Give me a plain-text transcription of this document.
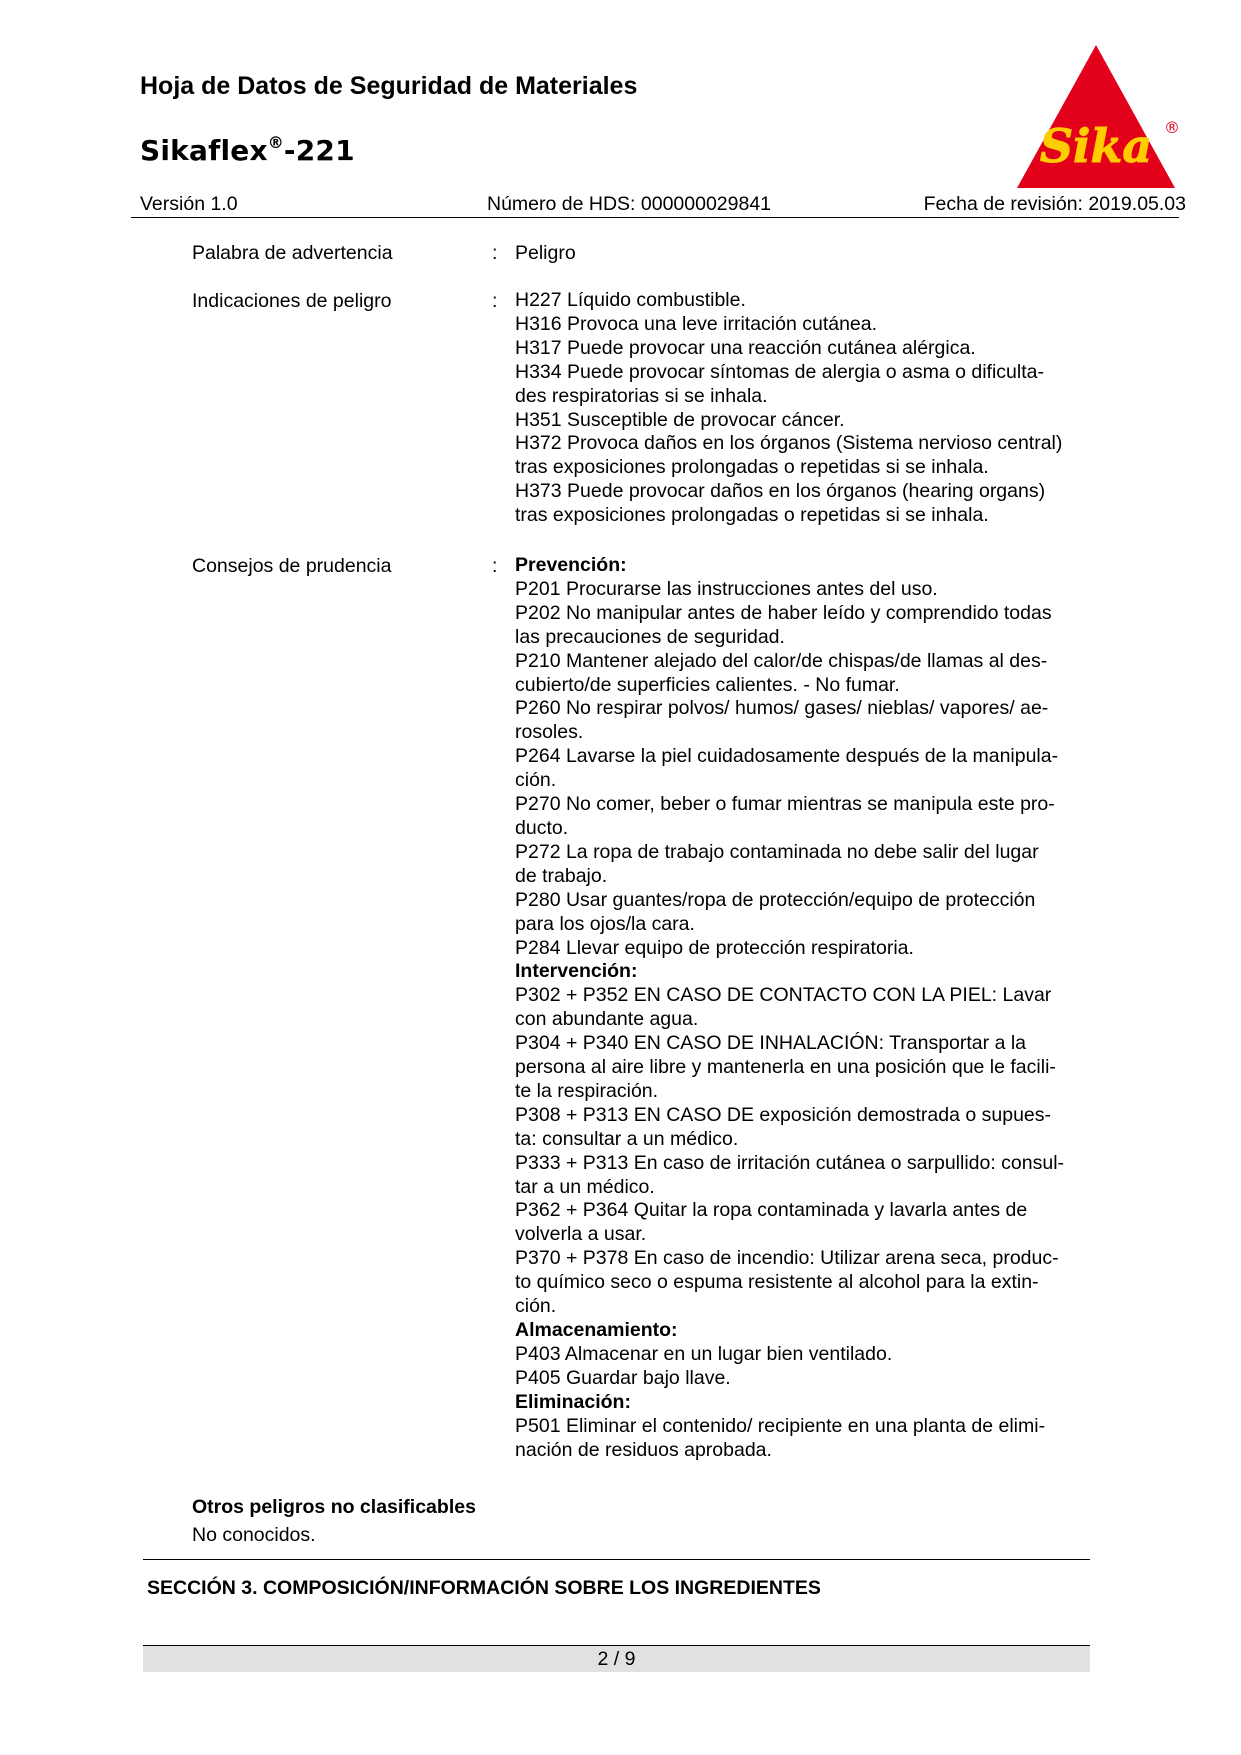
Hoja de Datos de Seguridad de Materiales
Sikaflex®-221	Sika ®
Versión 1.0	Número de HDS: 000000029841	Fecha de revisión: 2019.05.03
Palabra de advertencia	: Peligro
Indicaciones de peligro	: H227 Líquido combustible.
H316 Provoca una leve irritación cutánea.
H317 Puede provocar una reacción cutánea alérgica.
H334 Puede provocar síntomas de alergia o asma o dificulta-
des respiratorias si se inhala.
H351 Susceptible de provocar cáncer.
H372 Provoca daños en los órganos (Sistema nervioso central)
tras exposiciones prolongadas o repetidas si se inhala.
H373 Puede provocar daños en los órganos (hearing organs)
tras exposiciones prolongadas o repetidas si se inhala.
Consejos de prudencia	: Prevención:
P201 Procurarse las instrucciones antes del uso.
P202 No manipular antes de haber leído y comprendido todas
las precauciones de seguridad.
P210 Mantener alejado del calor/de chispas/de llamas al des-
cubierto/de superficies calientes. - No fumar.
P260 No respirar polvos/ humos/ gases/ nieblas/ vapores/ ae-
rosoles.
P264 Lavarse la piel cuidadosamente después de la manipula-
ción.
P270 No comer, beber o fumar mientras se manipula este pro-
ducto.
P272 La ropa de trabajo contaminada no debe salir del lugar
de trabajo.
P280 Usar guantes/ropa de protección/equipo de protección
para los ojos/la cara.
P284 Llevar equipo de protección respiratoria.
Intervención:
P302 + P352 EN CASO DE CONTACTO CON LA PIEL: Lavar
con abundante agua.
P304 + P340 EN CASO DE INHALACIÓN: Transportar a la
persona al aire libre y mantenerla en una posición que le facili-
te la respiración.
P308 + P313 EN CASO DE exposición demostrada o supues-
ta: consultar a un médico.
P333 + P313 En caso de irritación cutánea o sarpullido: consul-
tar a un médico.
P362 + P364 Quitar la ropa contaminada y lavarla antes de
volverla a usar.
P370 + P378 En caso de incendio: Utilizar arena seca, produc-
to químico seco o espuma resistente al alcohol para la extin-
ción.
Almacenamiento:
P403 Almacenar en un lugar bien ventilado.
P405 Guardar bajo llave.
Eliminación:
P501 Eliminar el contenido/ recipiente en una planta de elimi-
nación de residuos aprobada.
Otros peligros no clasificables
No conocidos.
SECCIÓN 3. COMPOSICIÓN/INFORMACIÓN SOBRE LOS INGREDIENTES
2 / 9
